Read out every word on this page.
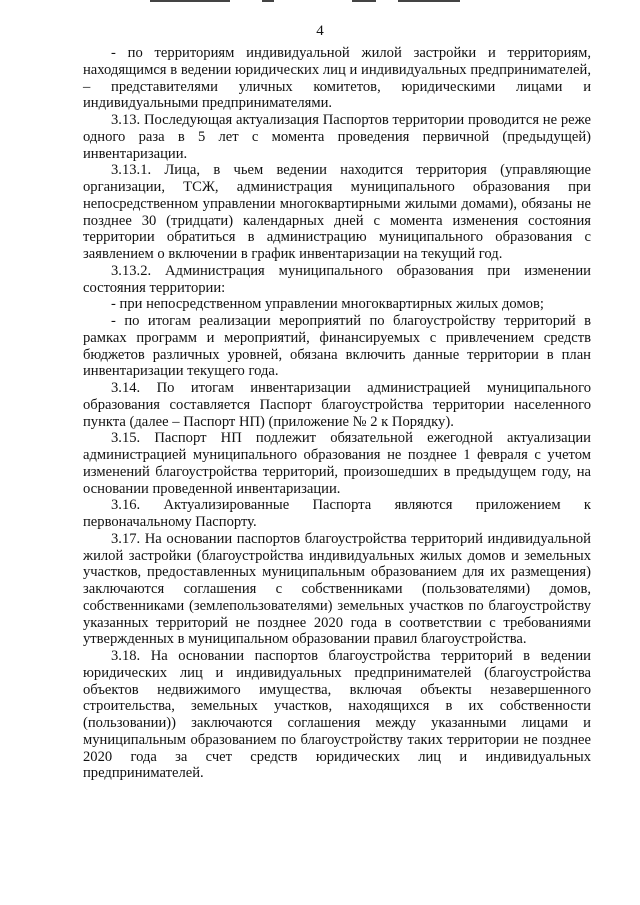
4

- по территориям индивидуальной жилой застройки и территориям, находящимся в ведении юридических лиц и индивидуальных предпринимателей, – представителями уличных комитетов, юридическими лицами и индивидуальными предпринимателями.

3.13. Последующая актуализация Паспортов территории проводится не реже одного раза в 5 лет с момента проведения первичной (предыдущей) инвентаризации.

3.13.1. Лица, в чьем ведении находится территория (управляющие организации, ТСЖ, администрация муниципального образования при непосредственном управлении многоквартирными жилыми домами), обязаны не позднее 30 (тридцати) календарных дней с момента изменения состояния территории обратиться в администрацию муниципального образования с заявлением о включении в график инвентаризации на текущий год.

3.13.2. Администрация муниципального образования при изменении состояния территории:

- при непосредственном управлении многоквартирных жилых домов;

- по итогам реализации мероприятий по благоустройству территорий в рамках программ и мероприятий, финансируемых с привлечением средств бюджетов различных уровней, обязана включить данные территории в план инвентаризации текущего года.

3.14. По итогам инвентаризации администрацией муниципального образования составляется Паспорт благоустройства территории населенного пункта (далее – Паспорт НП) (приложение № 2 к Порядку).

3.15. Паспорт НП подлежит обязательной ежегодной актуализации администрацией муниципального образования не позднее 1 февраля с учетом изменений благоустройства территорий, произошедших в предыдущем году, на основании проведенной инвентаризации.

3.16. Актуализированные Паспорта являются приложением к первоначальному Паспорту.

3.17. На основании паспортов благоустройства территорий индивидуальной жилой застройки (благоустройства индивидуальных жилых домов и земельных участков, предоставленных муниципальным образованием для их размещения) заключаются соглашения с собственниками (пользователями) домов, собственниками (землепользователями) земельных участков по благоустройству указанных территорий не позднее 2020 года в соответствии с требованиями утвержденных в муниципальном образовании правил благоустройства.

3.18. На основании паспортов благоустройства территорий в ведении юридических лиц и индивидуальных предпринимателей (благоустройства объектов недвижимого имущества, включая объекты незавершенного строительства, земельных участков, находящихся в их собственности (пользовании)) заключаются соглашения между указанными лицами и муниципальным образованием по благоустройству таких территории не позднее 2020 года за счет средств юридических лиц и индивидуальных предпринимателей.
